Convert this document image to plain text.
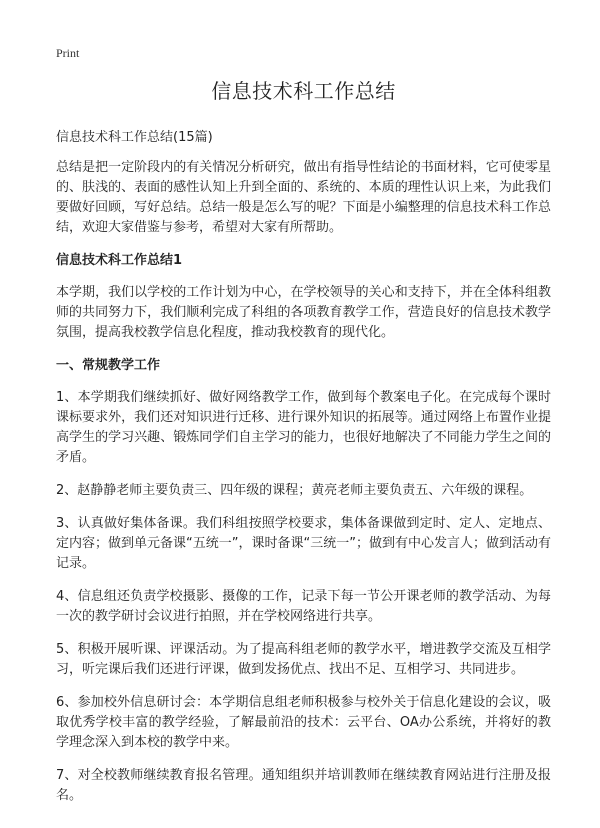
Print
信息技术科工作总结
信息技术科工作总结(15篇)

总结是把一定阶段内的有关情况分析研究，做出有指导性结论的书面材料，它可使零星的、肤浅的、表面的感性认知上升到全面的、系统的、本质的理性认识上来，为此我们要做好回顾，写好总结。总结一般是怎么写的呢？下面是小编整理的信息技术科工作总结，欢迎大家借鉴与参考，希望对大家有所帮助。

信息技术科工作总结1

本学期，我们以学校的工作计划为中心，在学校领导的关心和支持下，并在全体科组教师的共同努力下，我们顺利完成了科组的各项教育教学工作，营造良好的信息技术教学氛围，提高我校教学信息化程度，推动我校教育的现代化。

一、常规教学工作

1、本学期我们继续抓好、做好网络教学工作，做到每个教案电子化。在完成每个课时课标要求外，我们还对知识进行迁移、进行课外知识的拓展等。通过网络上布置作业提高学生的学习兴趣、锻炼同学们自主学习的能力，也很好地解决了不同能力学生之间的矛盾。

2、赵静静老师主要负责三、四年级的课程；黄亮老师主要负责五、六年级的课程。

3、认真做好集体备课。我们科组按照学校要求，集体备课做到定时、定人、定地点、定内容；做到单元备课“五统一”，课时备课“三统一”；做到有中心发言人；做到活动有记录。

4、信息组还负责学校摄影、摄像的工作，记录下每一节公开课老师的教学活动、为每一次的教学研讨会议进行拍照，并在学校网络进行共享。

5、积极开展听课、评课活动。为了提高科组老师的教学水平，增进教学交流及互相学习，听完课后我们还进行评课，做到发扬优点、找出不足、互相学习、共同进步。

6、参加校外信息研讨会：本学期信息组老师积极参与校外关于信息化建设的会议，吸取优秀学校丰富的教学经验，了解最前沿的技术：云平台、OA办公系统，并将好的教学理念深入到本校的教学中来。

7、对全校教师继续教育报名管理。通知组织并培训教师在继续教育网站进行注册及报名。
